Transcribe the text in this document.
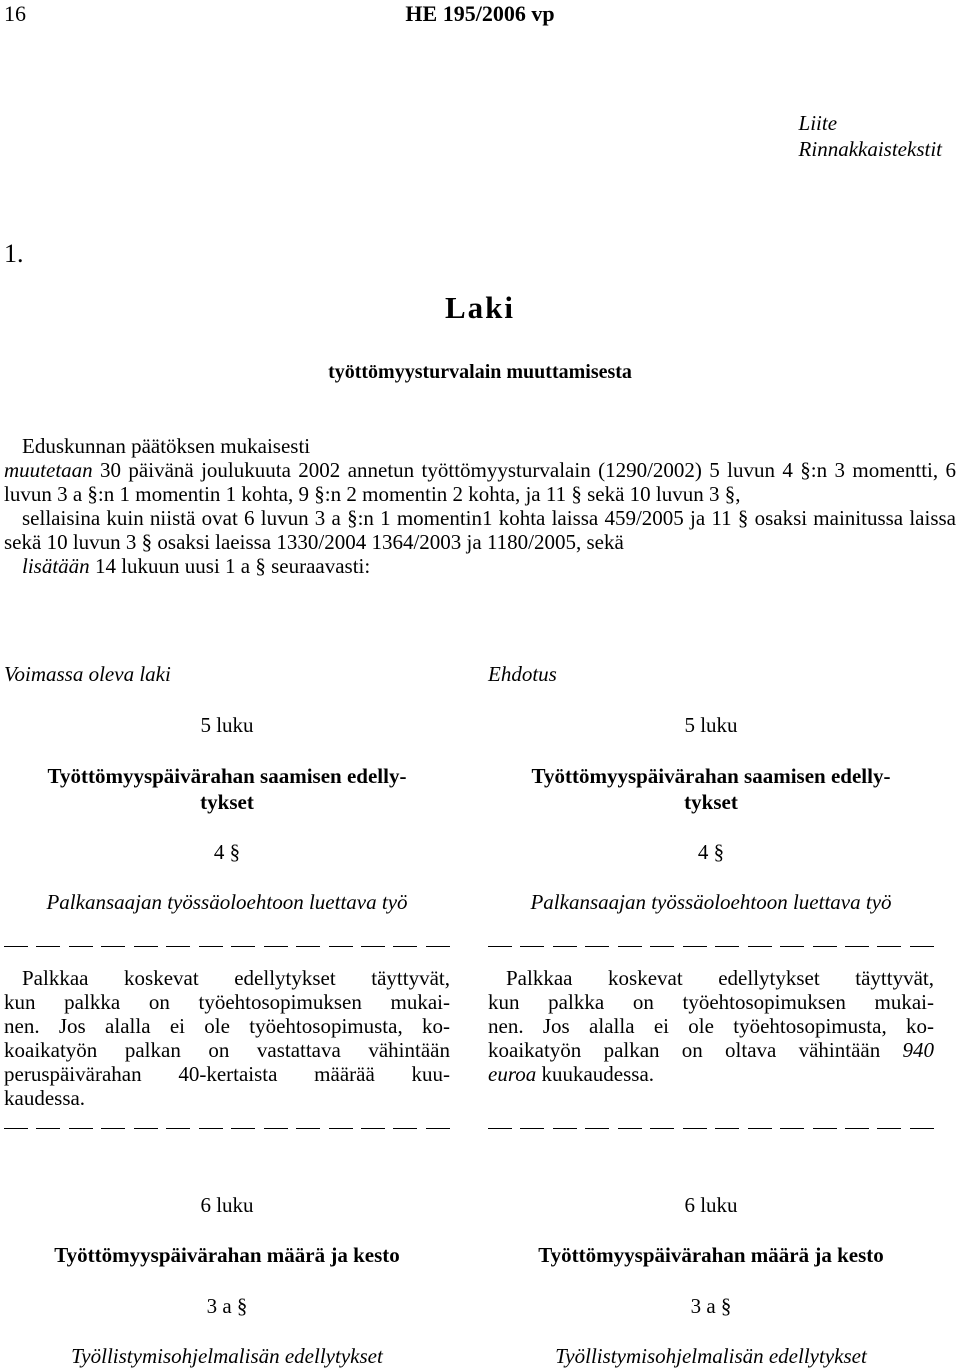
16	HE 195/2006 vp
Liite
Rinnakkaistekstit
1.
Laki
työttömyysturvalain muuttamisesta

Eduskunnan päätöksen mukaisesti

muutetaan 30 päivänä joulukuuta 2002 annetun työttömyysturvalain (1290/2002) 5 luvun 4 §:n 3 momentti, 6 luvun 3 a §:n 1 momentin 1 kohta, 9 §:n 2 momentin 2 kohta, ja 11 § sekä 10 luvun 3 §,

sellaisina kuin niistä ovat 6 luvun 3 a §:n 1 momentin1 kohta laissa 459/2005 ja 11 § osaksi mainitussa laissa sekä 10 luvun 3 § osaksi laeissa 1330/2004 1364/2003 ja 1180/2005, sekä

lisätään 14 lukuun uusi 1 a § seuraavasti:

Voimassa oleva laki
5 luku
Työttömyyspäivärahan saamisen edelly-
tykset
4 §
Palkansaajan työssäoloehtoon luettava työ

Palkkaa koskevat edellytykset täyttyvät,

kun palkka on työehtosopimuksen mukai-

nen. Jos alalla ei ole työehtosopimusta, ko-

koaikatyön palkan on vastattava vähintään

peruspäivärahan 40-kertaista määrää kuu-

kaudessa.

6 luku
Työttömyyspäivärahan määrä ja kesto
3 a §
Työllistymisohjelmalisän edellytykset
Ehdotus
5 luku
Työttömyyspäivärahan saamisen edelly-
tykset
4 §
Palkansaajan työssäoloehtoon luettava työ

Palkkaa koskevat edellytykset täyttyvät,

kun palkka on työehtosopimuksen mukai-

nen. Jos alalla ei ole työehtosopimusta, ko-

koaikatyön palkan on oltava vähintään 940

euroa kuukaudessa.

6 luku
Työttömyyspäivärahan määrä ja kesto
3 a §
Työllistymisohjelmalisän edellytykset
